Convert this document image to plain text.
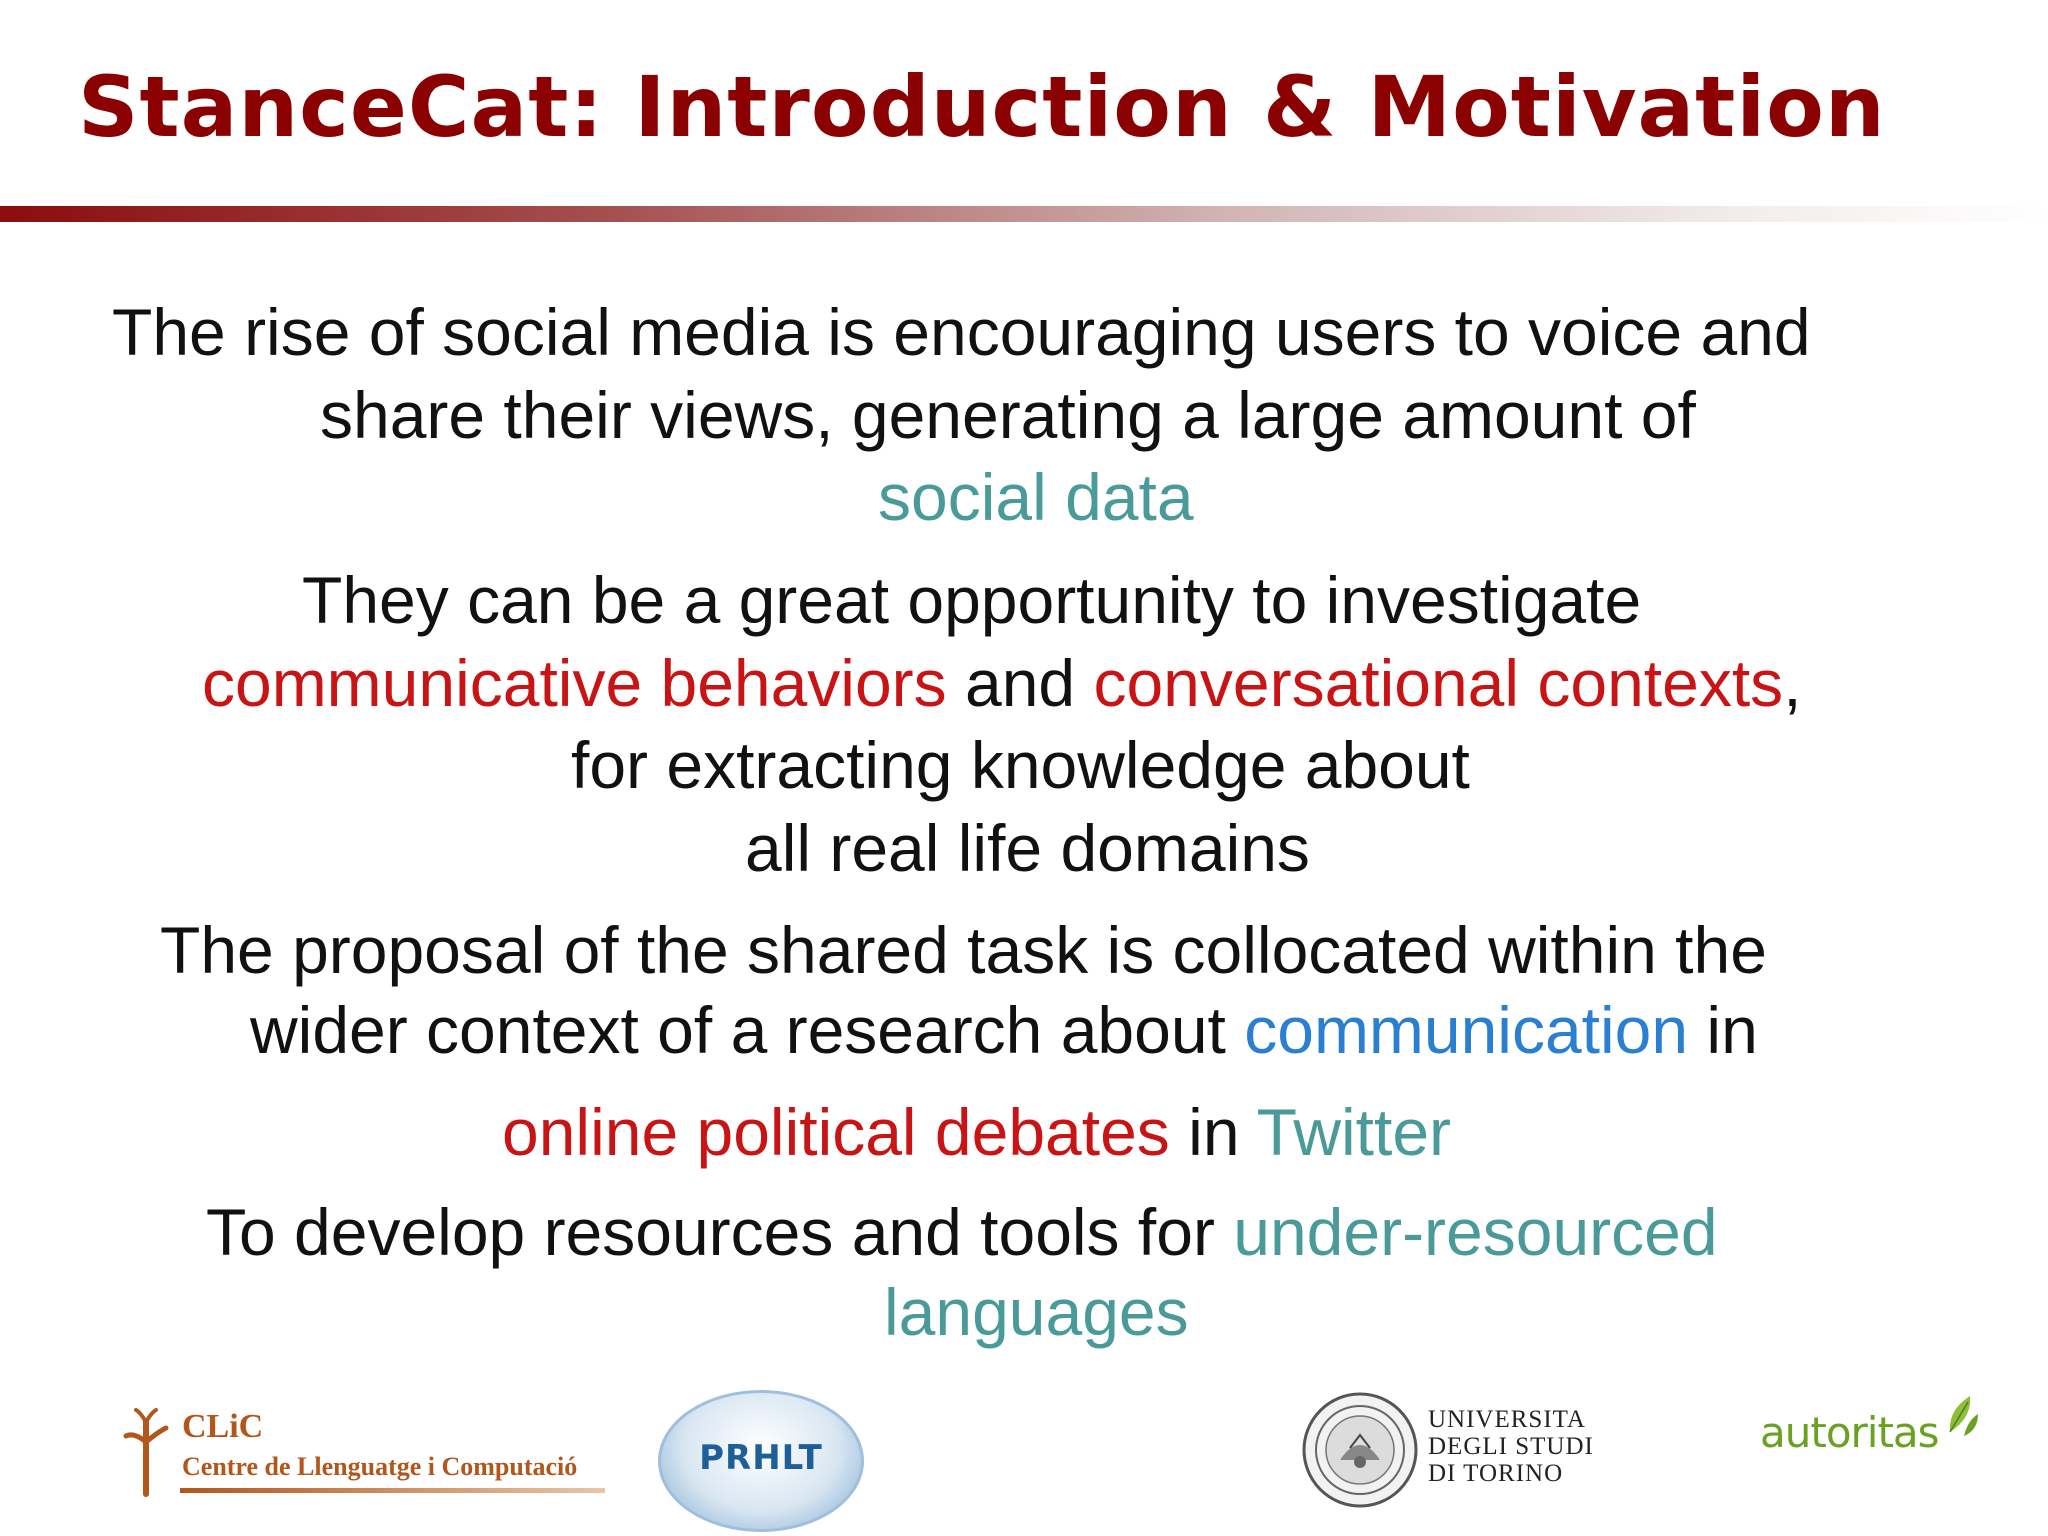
StanceCat: Introduction & Motivation
The rise of social media is encouraging users to voice and
share their views, generating a large amount of
social data
They can be a great opportunity to investigate
communicative behaviors and conversational contexts,
for extracting knowledge about
all real life domains
The proposal of the shared task is collocated within the
wider context of a research about communication in
online political debates in Twitter
To develop resources and tools for under-resourced
languages
CLiC
Centre de Llenguatge i Computació	PRHLT
UNIVERSITA
DEGLI STUDI
DI TORINO
autoritas
